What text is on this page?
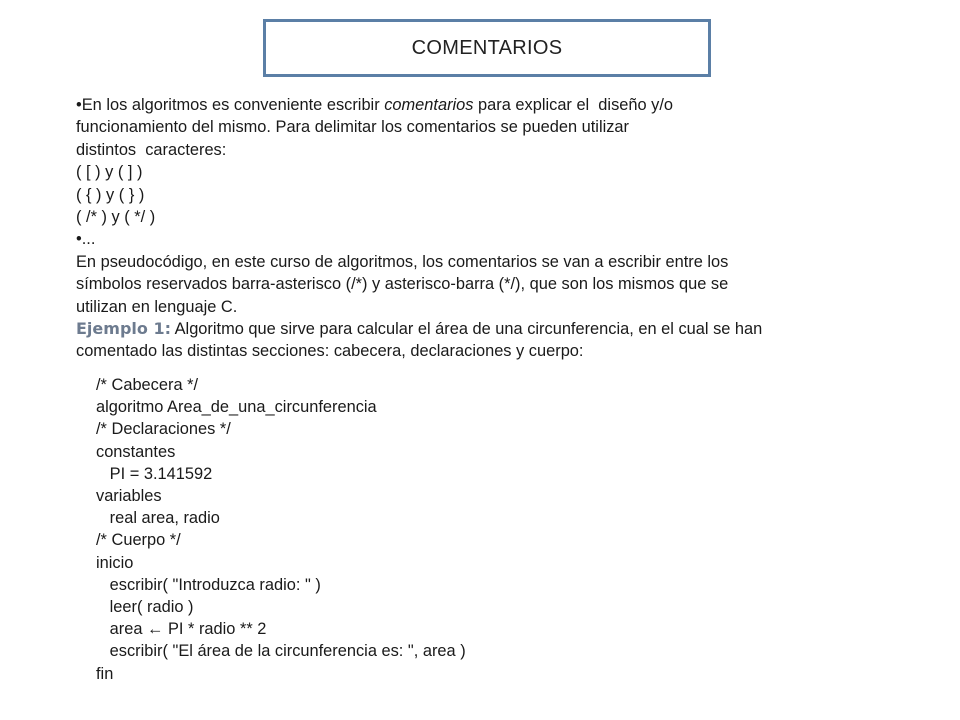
COMENTARIOS
•En los algoritmos es conveniente escribir comentarios para explicar el  diseño y/o
funcionamiento del mismo. Para delimitar los comentarios se pueden utilizar
distintos  caracteres:
( [ ) y ( ] )
( { ) y ( } )
( /* ) y ( */ )
•...
En pseudocódigo, en este curso de algoritmos, los comentarios se van a escribir entre los
símbolos reservados barra-asterisco (/*) y asterisco-barra (*/), que son los mismos que se
utilizan en lenguaje C.
Ejemplo 1: Algoritmo que sirve para calcular el área de una circunferencia, en el cual se han
comentado las distintas secciones: cabecera, declaraciones y cuerpo:
/* Cabecera */
algoritmo Area_de_una_circunferencia
/* Declaraciones */
constantes
PI = 3.141592
variables
real area, radio
/* Cuerpo */
inicio
escribir( "Introduzca radio: " )
leer( radio )
area ← PI * radio ** 2
escribir( "El área de la circunferencia es: ", area )
fin
